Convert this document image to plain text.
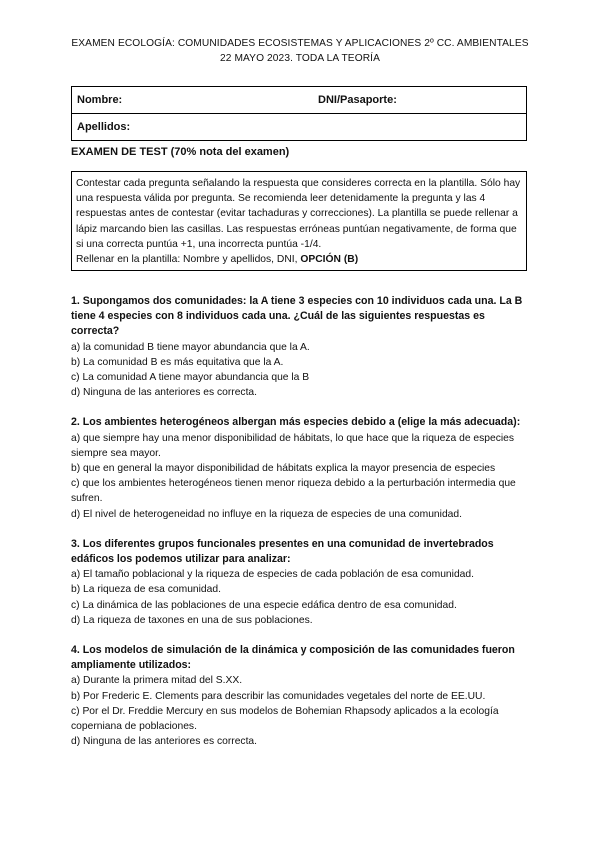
EXAMEN ECOLOGÍA: COMUNIDADES ECOSISTEMAS Y APLICACIONES 2º CC. AMBIENTALES
22 MAYO 2023. TODA LA TEORÍA
Nombre:	DNI/Pasaporte:
Apellidos:
EXAMEN DE TEST (70% nota del examen)

Contestar cada pregunta señalando la respuesta que consideres correcta en la plantilla. Sólo hay una respuesta válida por pregunta. Se recomienda leer detenidamente la pregunta y las 4 respuestas antes de contestar (evitar tachaduras y correcciones). La plantilla se puede rellenar a lápiz marcando bien las casillas. Las respuestas erróneas puntúan negativamente, de forma que si una correcta puntúa +1, una incorrecta puntúa -1/4.

Rellenar en la plantilla: Nombre y apellidos, DNI, OPCIÓN (B)

1. Supongamos dos comunidades: la A tiene 3 especies con 10 individuos cada una. La B tiene 4 especies con 8 individuos cada una. ¿Cuál de las siguientes respuestas es correcta?

a) la comunidad B tiene mayor abundancia que la A.

b) La comunidad B es más equitativa que la A.

c) La comunidad A tiene mayor abundancia que la B

d) Ninguna de las anteriores es correcta.

2. Los ambientes heterogéneos albergan más especies debido a (elige la más adecuada):

a) que siempre hay una menor disponibilidad de hábitats, lo que hace que la riqueza de especies siempre sea mayor.

b) que en general la mayor disponibilidad de hábitats explica la mayor presencia de especies

c) que los ambientes heterogéneos tienen menor riqueza debido a la perturbación intermedia que sufren.

d) El nivel de heterogeneidad no influye en la riqueza de especies de una comunidad.

3. Los diferentes grupos funcionales presentes en una comunidad de invertebrados edáficos los podemos utilizar para analizar:

a) El tamaño poblacional y la riqueza de especies de cada población de esa comunidad.

b) La riqueza de esa comunidad.

c) La dinámica de las poblaciones de una especie edáfica dentro de esa comunidad.

d) La riqueza de taxones en una de sus poblaciones.

4. Los modelos de simulación de la dinámica y composición de las comunidades fueron ampliamente utilizados:

a) Durante la primera mitad del S.XX.

b) Por Frederic E. Clements para describir las comunidades vegetales del norte de EE.UU.

c) Por el Dr. Freddie Mercury en sus modelos de Bohemian Rhapsody aplicados a la ecología coperniana de poblaciones.

d) Ninguna de las anteriores es correcta.
